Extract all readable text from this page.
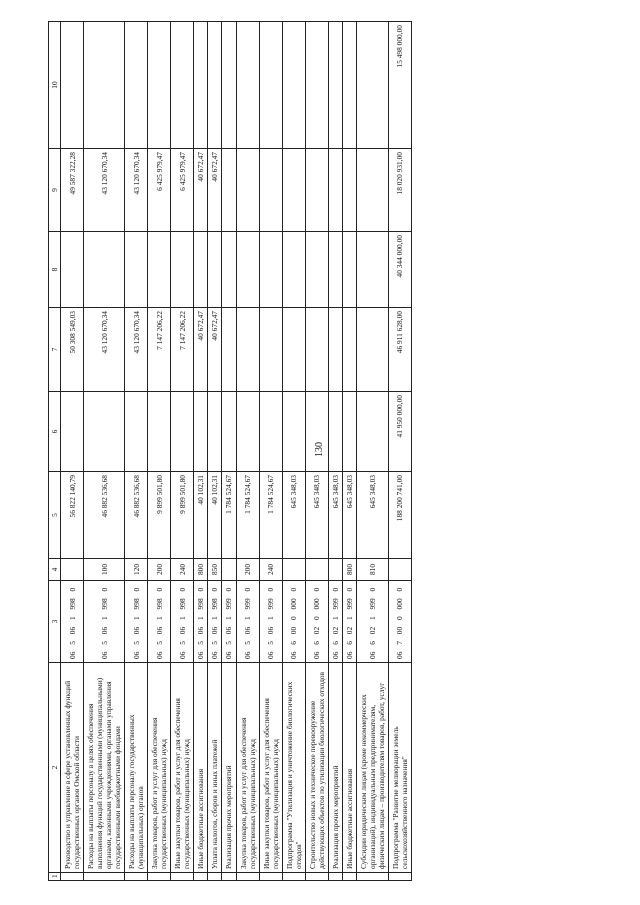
130
1	2	3	4	5	6	7	8	9	10
	Руководство и управление в сфере установленных функций государственных органов Омской области	06 5 06 1 998 0		56 822 140,79		50 308 549,03		49 587 322,28	
	Расходы на выплаты персоналу в целях обеспечения выполнения функций государственными (муниципальными) органами, казенными учреждениями, органами управления государственными внебюджетными фондами	06 5 06 1 998 0	100	46 882 536,68		43 120 670,34		43 120 670,34	
	Расходы на выплаты персоналу государственных (муниципальных) органов	06 5 06 1 998 0	120	46 882 536,68		43 120 670,34		43 120 670,34	
	Закупка товаров, работ и услуг для обеспечения государственных (муниципальных) нужд	06 5 06 1 998 0	200	9 899 501,80		7 147 206,22		6 425 979,47	
	Иные закупки товаров, работ и услуг для обеспечения государственных (муниципальных) нужд	06 5 06 1 998 0	240	9 899 501,80		7 147 206,22		6 425 979,47	
	Иные бюджетные ассигнования	06 5 06 1 998 0	800	40 102,31		40 672,47		40 672,47	
	Уплата налогов, сборов и иных платежей	06 5 06 1 998 0	850	40 102,31		40 672,47		40 672,47	
	Реализация прочих мероприятий	06 5 06 1 999 0		1 784 524,67					
	Закупка товаров, работ и услуг для обеспечения государственных (муниципальных) нужд	06 5 06 1 999 0	200	1 784 524,67					
	Иные закупки товаров, работ и услуг для обеспечения государственных (муниципальных) нужд	06 5 06 1 999 0	240	1 784 524,67					
	Подпрограмма "Утилизация и уничтожение биологических отходов"	06 6 00 0 000 0		645 348,03					
	Строительство новых и техническое перевооружение действующих объектов по утилизации биологических отходов	06 6 02 0 000 0		645 348,03					
	Реализация прочих мероприятий	06 6 02 1 999 0		645 348,03					
	Иные бюджетные ассигнования	06 6 02 1 999 0	800	645 348,03					
	Субсидии юридическим лицам (кроме некоммерческих организаций), индивидуальным предпринимателям, физическим лицам – производителям товаров, работ, услуг	06 6 02 1 999 0	810	645 348,03					
	Подпрограмма "Развитие мелиорации земель сельскохозяйственного назначения"	06 7 00 0 000 0		188 200 741,00	41 950 000,00	46 911 628,00	40 344 000,00	18 020 931,00	15 498 000,00
